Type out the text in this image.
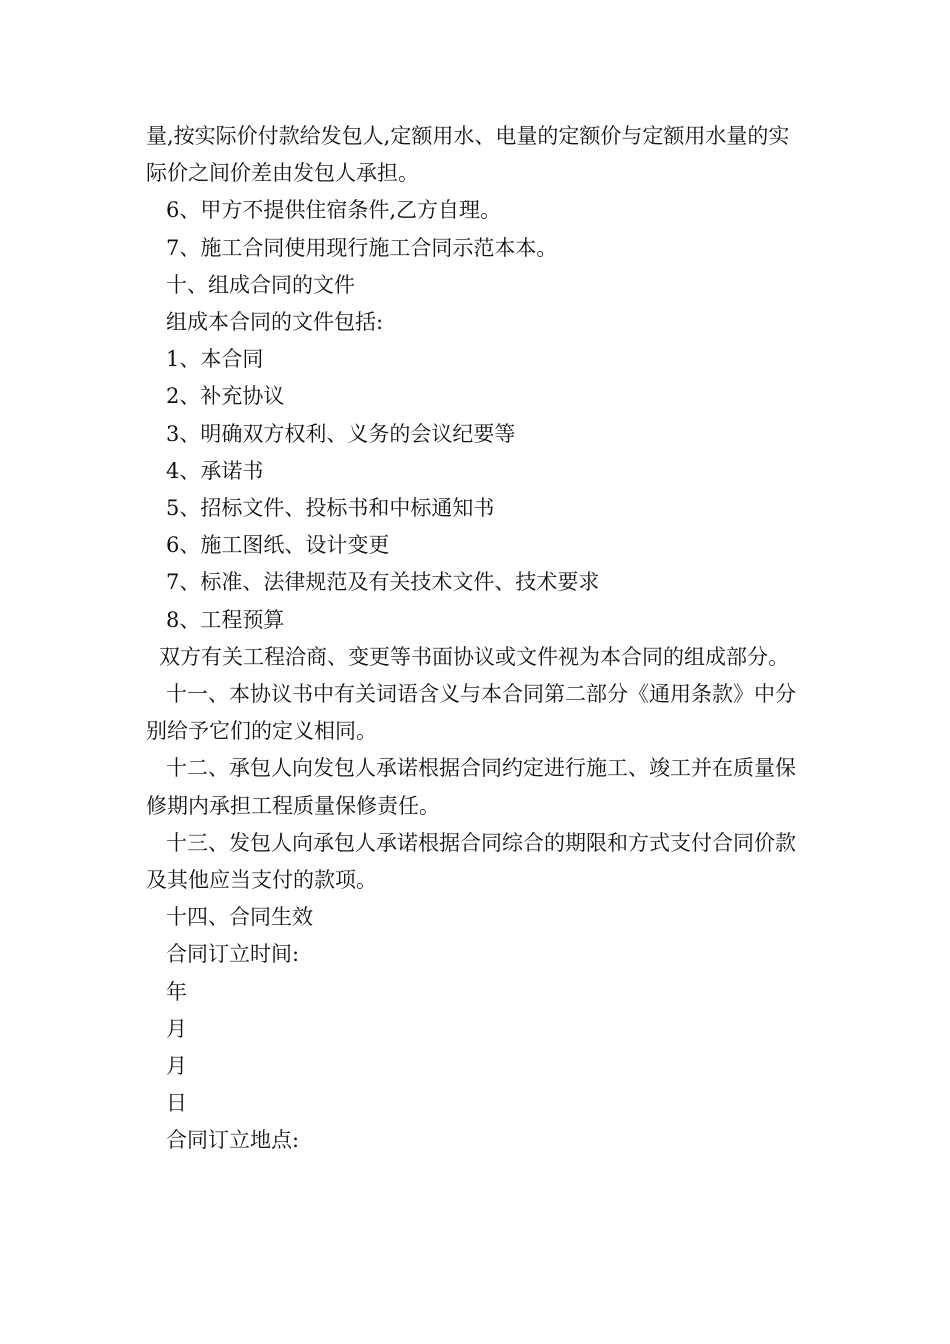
量,按实际价付款给发包人,定额用水、电量的定额价与定额用水量的实际价之间价差由发包人承担。

6、甲方不提供住宿条件,乙方自理。

7、施工合同使用现行施工合同示范本本。

十、组成合同的文件

组成本合同的文件包括:

1、本合同

2、补充协议

3、明确双方权利、义务的会议纪要等

4、承诺书

5、招标文件、投标书和中标通知书

6、施工图纸、设计变更

7、标准、法律规范及有关技术文件、技术要求

8、工程预算

双方有关工程洽商、变更等书面协议或文件视为本合同的组成部分。

十一、本协议书中有关词语含义与本合同第二部分《通用条款》中分别给予它们的定义相同。

十二、承包人向发包人承诺根据合同约定进行施工、竣工并在质量保修期内承担工程质量保修责任。

十三、发包人向承包人承诺根据合同综合的期限和方式支付合同价款及其他应当支付的款项。

十四、合同生效

合同订立时间:

年

月

月

日

合同订立地点:
